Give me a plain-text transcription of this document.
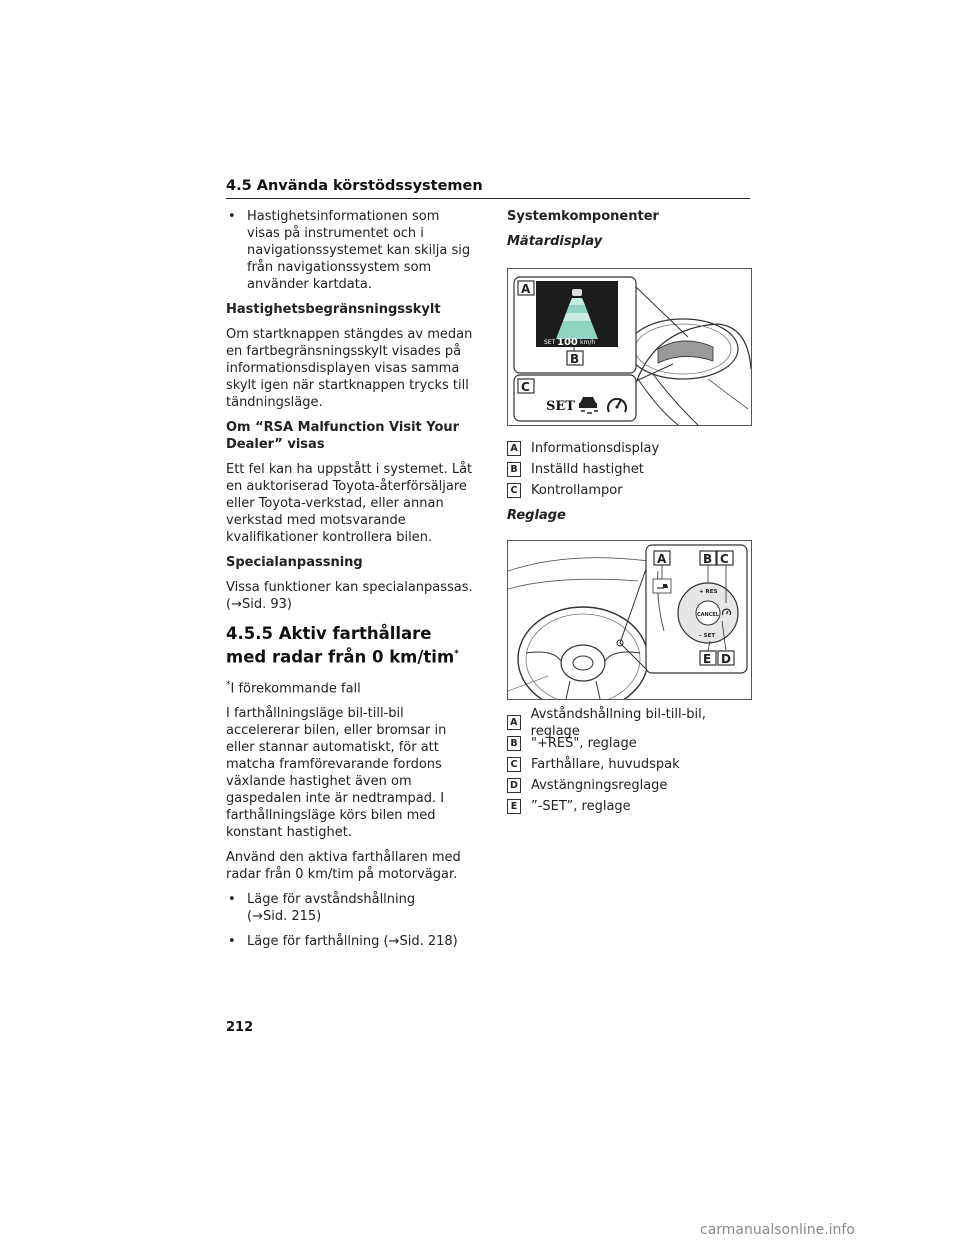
4.5 Använda körstödssystemen
• Hastighetsinformationen som visas på instrumentet och i navigationssystemet kan skilja sig från navigationssystem som använder kartdata.

Hastighetsbegränsningsskylt

Om startknappen stängdes av medan en fartbegränsningsskylt visades på informationsdisplayen visas samma skylt igen när startknappen trycks till tändningsläge.

Om “RSA Malfunction Visit Your Dealer” visas

Ett fel kan ha uppstått i systemet. Låt en auktoriserad Toyota-återförsäljare eller Toyota-verkstad, eller annan verkstad med motsvarande kvalifikationer kontrollera bilen.

Specialanpassning

Vissa funktioner kan specialanpassas.
(→Sid. 93)

4.5.5 Aktiv farthållare med radar från 0 km/tim*

*I förekommande fall

I farthållningsläge bil-till-bil accelererar bilen, eller bromsar in eller stannar automatiskt, för att matcha framförevarande fordons växlande hastighet även om gaspedalen inte är nedtrampad. I farthållningsläge körs bilen med konstant hastighet.

Använd den aktiva farthållaren med radar från 0 km/tim på motorvägar.

• Läge för avståndshållning
(→Sid. 215)
• Läge för farthållning (→Sid. 218)

Systemkomponenter

Mätardisplay

SET 100 km/h
A
B
C
SET
A Informationsdisplay
B Inställd hastighet
C Kontrollampor

Reglage

CANCEL
+ RES
– SET
A	B C
D
E
A
Avståndshållning bil-till-bil, reglage
B "+RES", reglage
C Farthållare, huvudspak
D Avstängningsreglage
E ”-SET”, reglage
212
carmanualsonline.info
